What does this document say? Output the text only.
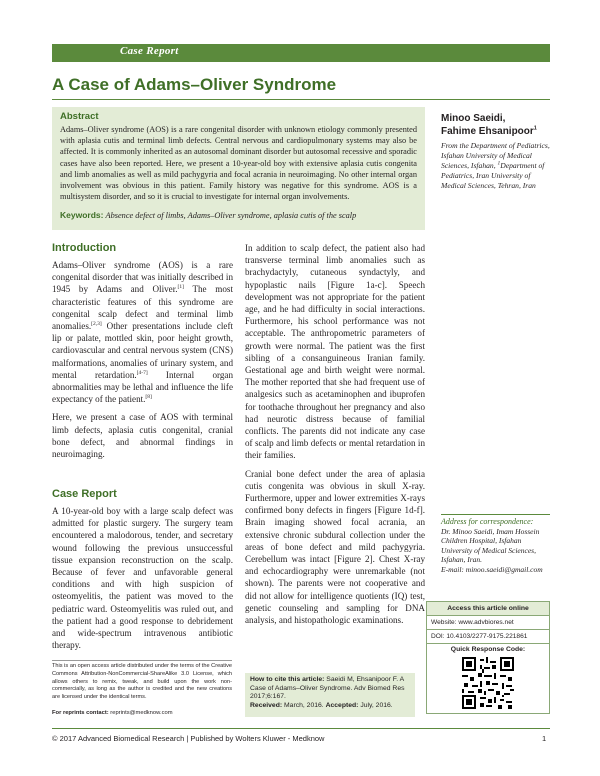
Case Report
A Case of Adams–Oliver Syndrome
Abstract

Adams–Oliver syndrome (AOS) is a rare congenital disorder with unknown etiology commonly presented with aplasia cutis and terminal limb defects. Central nervous and cardiopulmonary systems may also be affected. It is commonly inherited as an autosomal dominant disorder but autosomal recessive and sporadic cases have also been reported. Here, we present a 10-year-old boy with extensive aplasia cutis congenita and limb anomalies as well as mild pachygyria and focal acrania in neuroimaging. No other internal organ involvement was obvious in this patient. Family history was negative for this syndrome. AOS is a multisystem disorder, and so it is crucial to investigate for internal organ involvements.

Keywords: Absence defect of limbs, Adams–Oliver syndrome, aplasia cutis of the scalp
Minoo Saeidi,
Fahime Ehsanipoor$^1$
From the Department of Pediatrics, Isfahan University of Medical Sciences, Isfahan, $^1$Department of Pediatrics, Iran University of Medical Sciences, Tehran, Iran
Introduction

Adams–Oliver syndrome (AOS) is a rare congenital disorder that was initially described in 1945 by Adams and Oliver.[1] The most characteristic features of this syndrome are congenital scalp defect and terminal limb anomalies.[2,3] Other presentations include cleft lip or palate, mottled skin, poor height growth, cardiovascular and central nervous system (CNS) malformations, anomalies of urinary system, and mental retardation.[4-7] Internal organ abnormalities may be lethal and influence the life expectancy of the patient.[8]

Here, we present a case of AOS with terminal limb defects, aplasia cutis congenital, cranial bone defect, and abnormal findings in neuroimaging.

Case Report

A 10-year-old boy with a large scalp defect was admitted for plastic surgery. The surgery team encountered a malodorous, tender, and secretary wound following the previous unsuccessful tissue expansion reconstruction on the scalp. Because of fever and unfavorable general conditions and with high suspicion of osteomyelitis, the patient was moved to the pediatric ward. Osteomyelitis was ruled out, and the patient had a good response to debridement and wide-spectrum intravenous antibiotic therapy.

In addition to scalp defect, the patient also had transverse terminal limb anomalies such as brachydactyly, cutaneous syndactyly, and hypoplastic nails [Figure 1a-c]. Speech development was not appropriate for the patient age, and he had difficulty in social interactions. Furthermore, his school performance was not acceptable. The anthropometric parameters of growth were normal. The patient was the first sibling of a consanguineous Iranian family. Gestational age and birth weight were normal. The mother reported that she had frequent use of analgesics such as acetaminophen and ibuprofen for toothache throughout her pregnancy and also had neurotic distress because of familial conflicts. The parents did not indicate any case of scalp and limb defects or mental retardation in their families.

Cranial bone defect under the area of aplasia cutis congenita was obvious in skull X-ray. Furthermore, upper and lower extremities X-rays confirmed bony defects in fingers [Figure 1d-f]. Brain imaging showed focal acrania, an extensive chronic subdural collection under the areas of bone defect and mild pachygyria. Cerebellum was intact [Figure 2]. Chest X-ray and echocardiography were unremarkable (not shown). The parents were not cooperative and did not allow for intelligence quotients (IQ) test, genetic counseling and sampling for DNA analysis, and histopathologic examinations.

Address for correspondence:
Dr. Minoo Saeidi, Imam Hossein Children Hospital, Isfahan University of Medical Sciences, Isfahan, Iran.
E-mail: minoo.saeidi@gmail.com
Access this article online
Website: www.advbiores.net
DOI: 10.4103/2277-9175.221861
Quick Response Code:
How to cite this article: Saeidi M, Ehsanipoor F. A Case of Adams–Oliver Syndrome. Adv Biomed Res 2017;6:167.
Received: March, 2016. Accepted: July, 2016.
This is an open access article distributed under the terms of the Creative Commons Attribution-NonCommercial-ShareAlike 3.0 License, which allows others to remix, tweak, and build upon the work non-commercially, as long as the author is credited and the new creations are licensed under the identical terms.
For reprints contact: reprints@medknow.com
© 2017 Advanced Biomedical Research | Published by Wolters Kluwer - Medknow	1
